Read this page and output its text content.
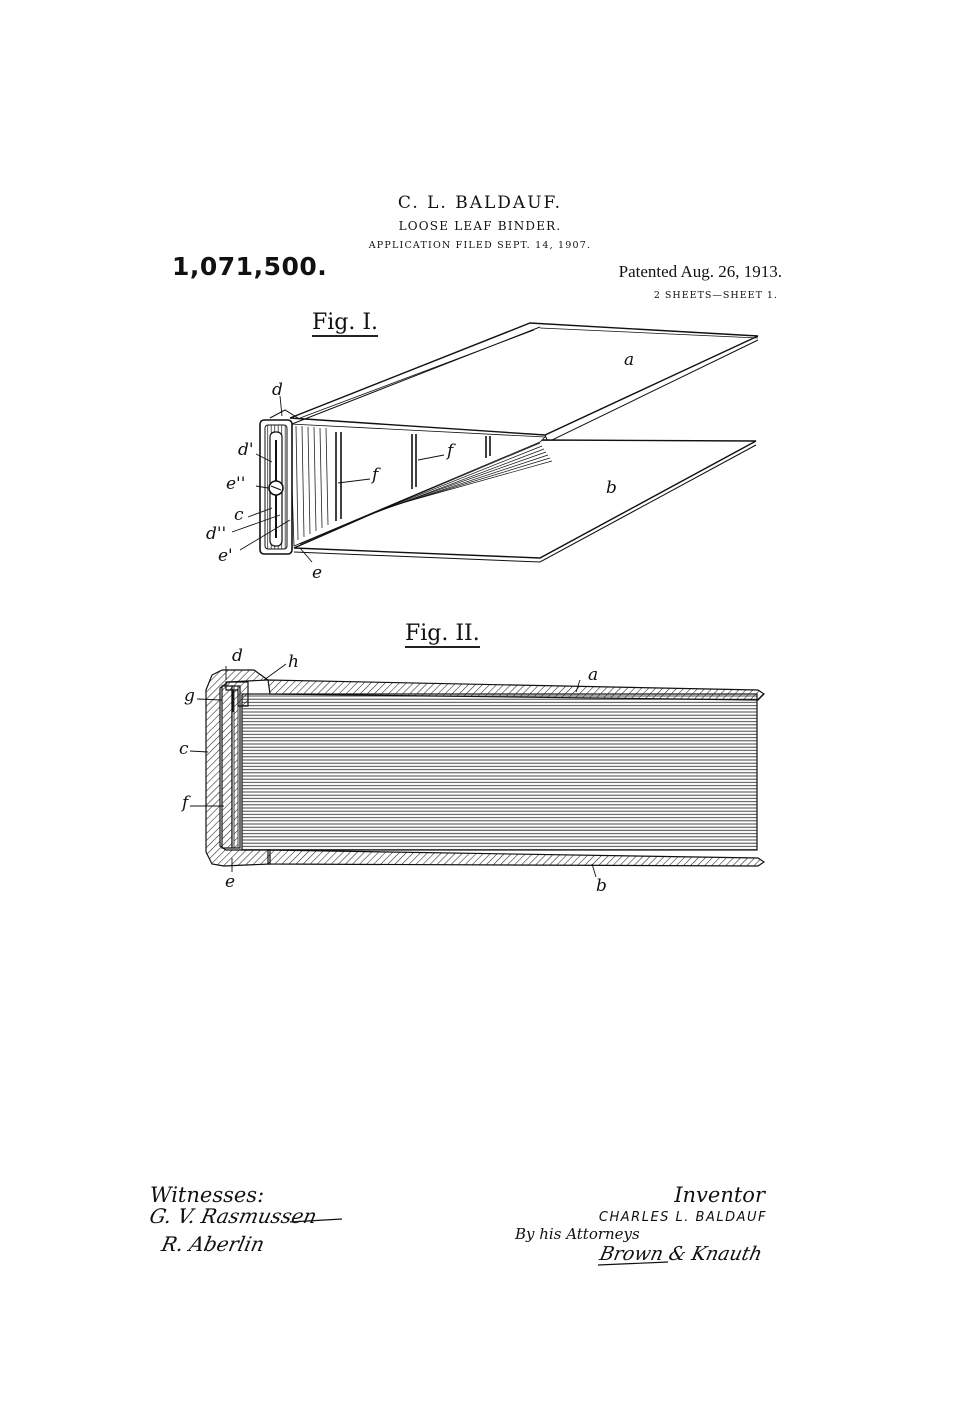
C. L. BALDAUF.
LOOSE LEAF BINDER.
APPLICATION FILED SEPT. 14, 1907.
1,071,500.	Patented Aug. 26, 1913.
2 SHEETS—SHEET 1.
Fig. I.
Fig. II.
a
b
d
d'
e''
c
d''
e'
e
f
f
d	h
a
g
c
f
e	b
Witnesses:	Inventor
CHARLES L. BALDAUF
By his Attorneys
G. V. Rasmussen
R. Aberlin	Brown & Knauth
